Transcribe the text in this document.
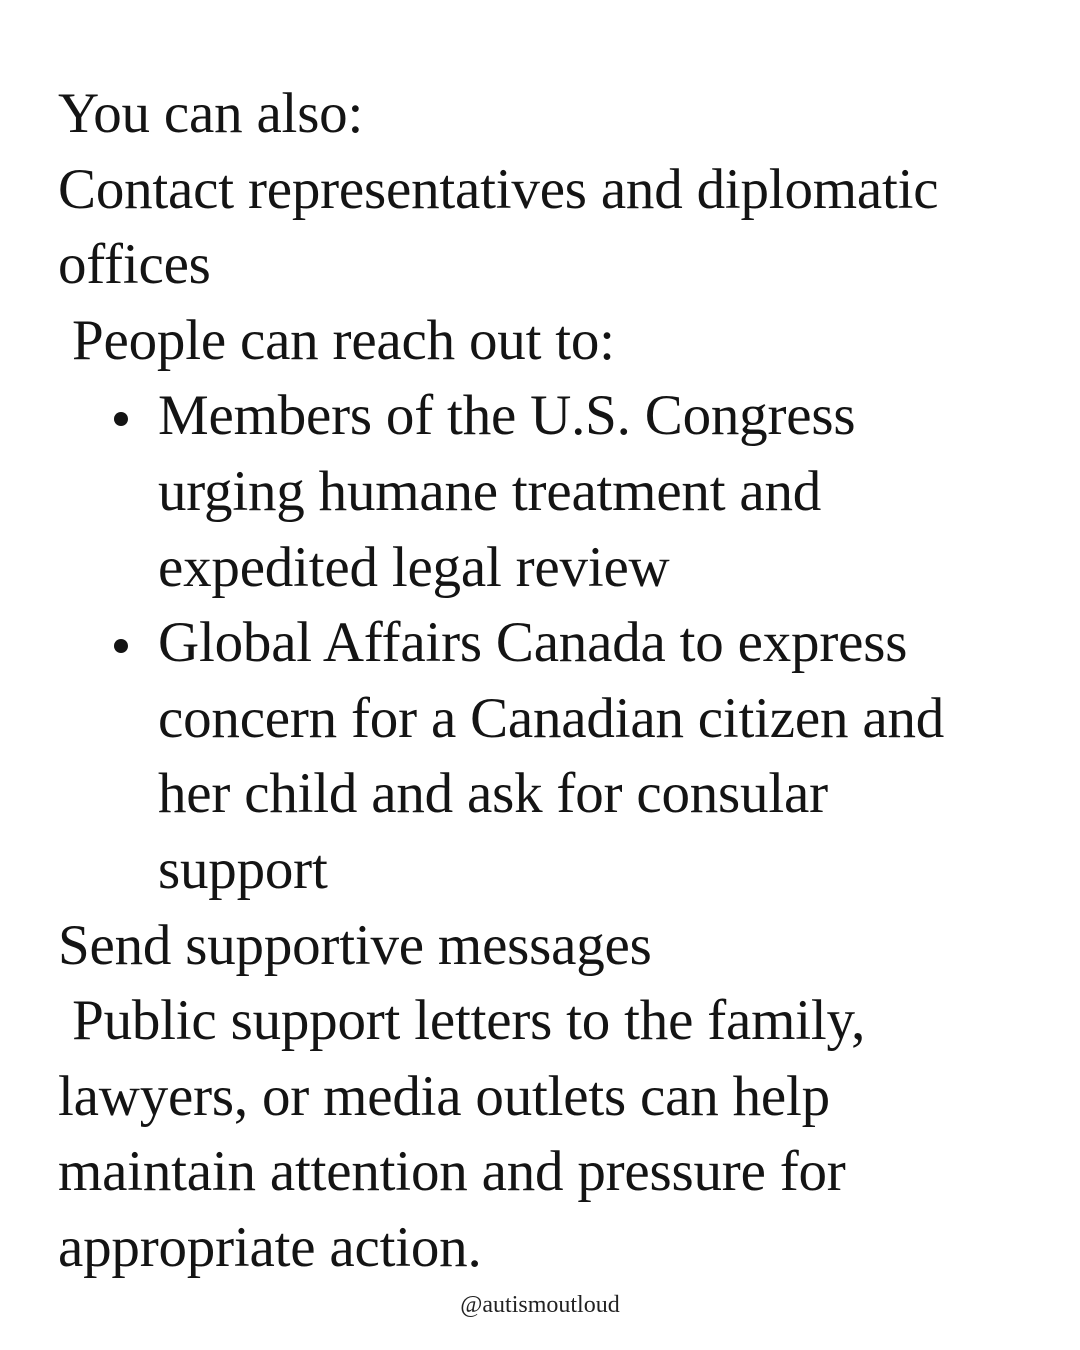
You can also:

Contact representatives and diplomatic offices

People can reach out to:

Members of the U.S. Congress urging humane treatment and expedited legal review
Global Affairs Canada to express concern for a Canadian citizen and her child and ask for consular support

Send supportive messages

Public support letters to the family, lawyers, or media outlets can help maintain attention and pressure for appropriate action.

@autismoutloud
